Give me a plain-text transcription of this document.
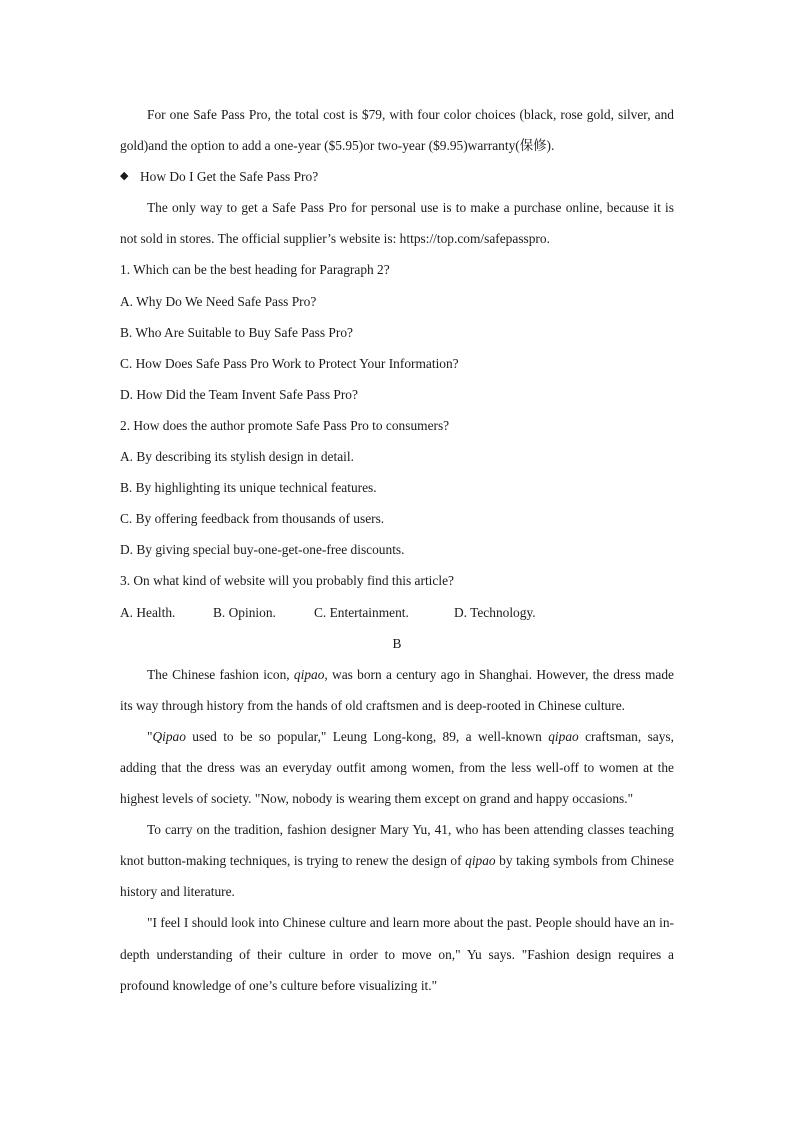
For one Safe Pass Pro, the total cost is $79, with four color choices (black, rose gold, silver, and gold)and the option to add a one-year ($5.95)or two-year ($9.95)warranty(保修).

◆ How Do I Get the Safe Pass Pro?

The only way to get a Safe Pass Pro for personal use is to make a purchase online, because it is not sold in stores. The official supplier’s website is: https://top.com/safepasspro.

1. Which can be the best heading for Paragraph 2?
A. Why Do We Need Safe Pass Pro?
B. Who Are Suitable to Buy Safe Pass Pro?
C. How Does Safe Pass Pro Work to Protect Your Information?
D. How Did the Team Invent Safe Pass Pro?
2. How does the author promote Safe Pass Pro to consumers?
A. By describing its stylish design in detail.
B. By highlighting its unique technical features.
C. By offering feedback from thousands of users.
D. By giving special buy-one-get-one-free discounts.
3. On what kind of website will you probably find this article?
A. Health.	B. Opinion.	C. Entertainment.	D. Technology.
B

The Chinese fashion icon, qipao, was born a century ago in Shanghai. However, the dress made its way through history from the hands of old craftsmen and is deep-rooted in Chinese culture.

"Qipao used to be so popular," Leung Long-kong, 89, a well-known qipao craftsman, says, adding that the dress was an everyday outfit among women, from the less well-off to women at the highest levels of society. "Now, nobody is wearing them except on grand and happy occasions."

To carry on the tradition, fashion designer Mary Yu, 41, who has been attending classes teaching knot button-making techniques, is trying to renew the design of qipao by taking symbols from Chinese history and literature.

"I feel I should look into Chinese culture and learn more about the past. People should have an in-depth understanding of their culture in order to move on," Yu says. "Fashion design requires a profound knowledge of one’s culture before visualizing it."
